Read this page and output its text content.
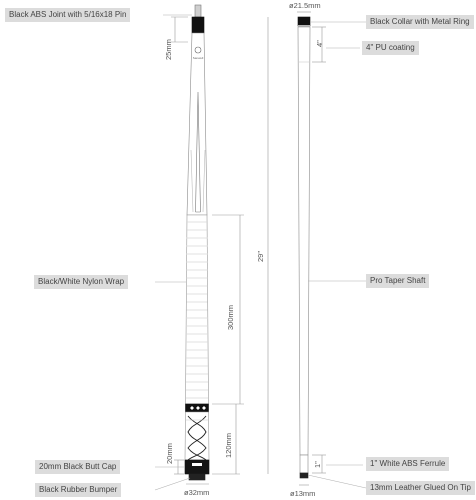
Sanwell
Black ABS Joint with 5/16x18 Pin
Black/White Nylon Wrap
20mm Black Butt Cap
Black Rubber Bumper
Black Collar with Metal Ring
4" PU coating
Pro Taper Shaft
1" White ABS Ferrule
13mm Leather Glued On Tip
25mm
300mm
120mm
20mm
29"
ø32mm
ø21.5mm
4"
1"
ø13mm
